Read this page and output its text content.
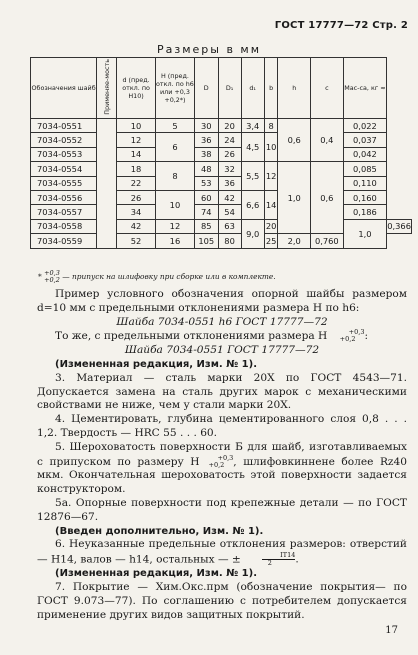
ГОСТ 17777—72 Стр. 2
Размеры в мм
Обозначения шайб	Применяе-мость	d (пред. откл. по H10)	H (пред. откл. по h6 или +0,3 +0,2*)	D	D₁	d₁	b	h	c	Мас-са, кг ≈	
7034-0551		10	5	30	20	3,4	8	0,6	0,4	0,022	
7034-0552		12	6	36	24	4,5	10			0,037	
7034-0553		14		38	26					0,042	
7034-0554		18	8	48	32	5,5	12	1,0	0,6	0,085	
7034-0555		22		53	36					0,110	
7034-0556		26	10	60	42	6,6	14			0,160	
7034-0557		34		74	54					0,186	
7034-0558		42	12	85	63	9,0	20			1,0	0,366
7034-0559		52	16	105	80		25	2,0	0,760		
* +0,3
+0,2 — припуск на шлифовку при сборке или в комплекте.

Пример условного обозначения опорной шайбы размером d=10 мм с предельными отклонениями размера H по h6:

Шайба 7034-0551 h6 ГОСТ 17777—72

То же, с предельными отклонениями размера H	+0,3
+0,2 :

Шайба 7034-0551 ГОСТ 17777—72

(Измененная редакция, Изм. № 1).

3. Материал — сталь марки 20Х по ГОСТ 4543—71. Допускается замена на сталь других марок с механическими свойствами не ниже, чем у стали марки 20Х.

4. Цементировать, глубина цементированного слоя 0,8 . . . 1,2. Твердость — HRC 55 . . . 60.

5. Шероховатость поверхности Б для шайб, изготавливаемых с припуском по размеру H	+0,3
+0,2 , шлифовкиннене более Rz40 мкм. Окончательная шероховатость этой поверхности задается конструктором.

5а. Опорные поверхности под крепежные детали — по ГОСТ 12876—67.

(Введен дополнительно, Изм. № 1).

6. Неуказанные предельные отклонения размеров: отверстий— H14, валов — h14, остальных — ± $\frac{IT14}{2}$.

(Измененная редакция, Изм. № 1).

7. Покрытие — Хим.Окс.прм (обозначение покрытия— по ГОСТ 9.073—77). По соглашению с потребителем допускается применение других видов защитных покрытий.

17
